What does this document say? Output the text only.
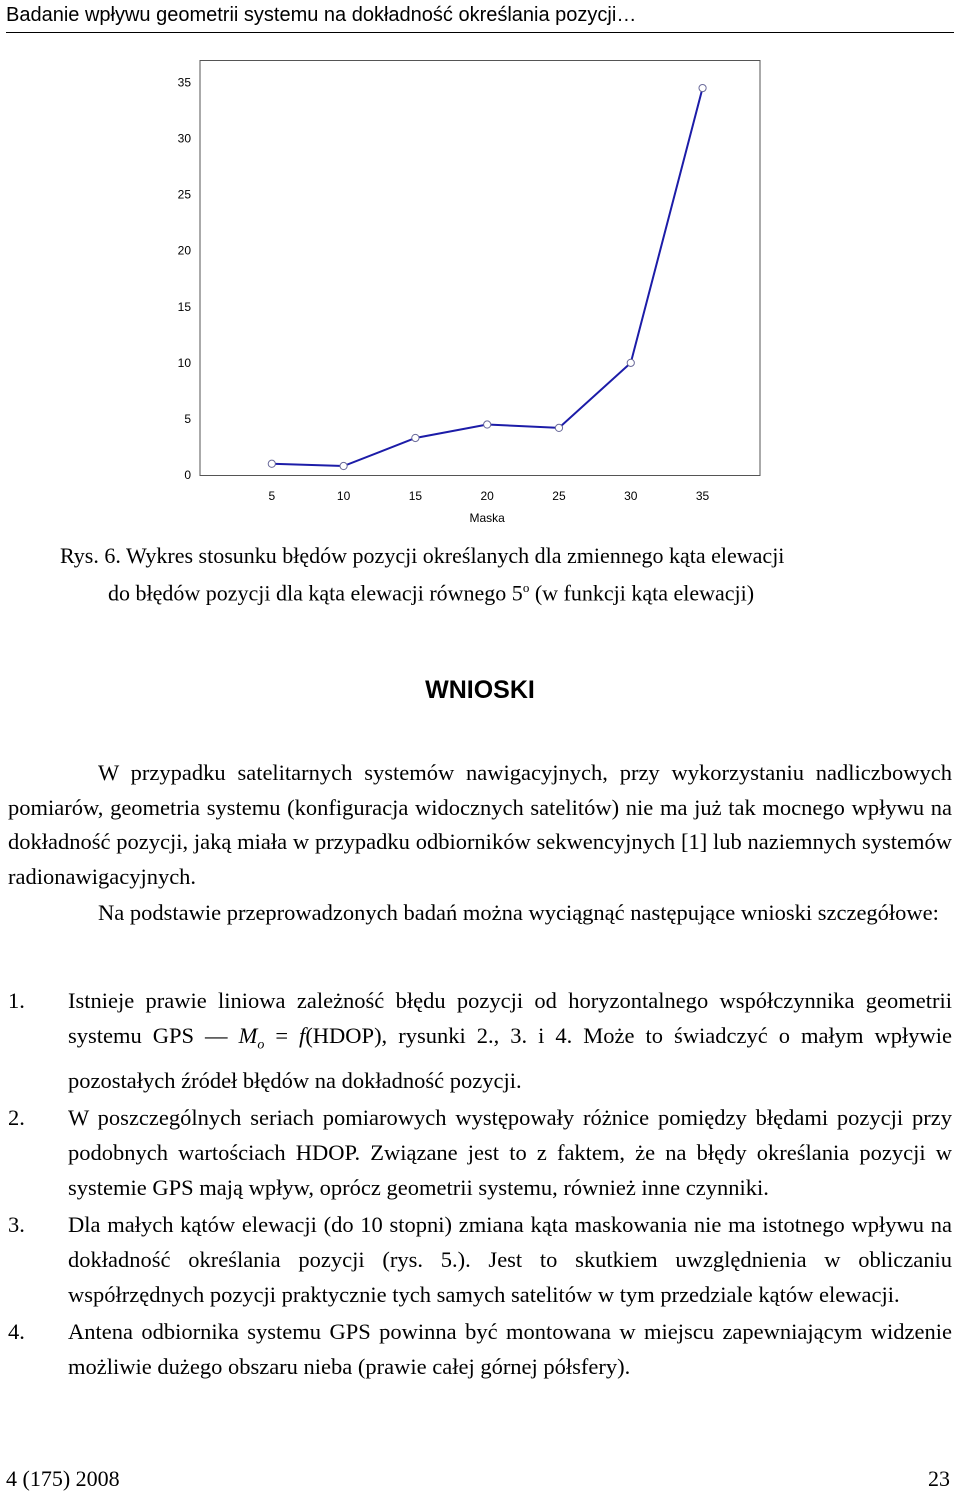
Badanie wpływu geometrii systemu na dokładność określania pozycji…
0
5
10
15
20
25
30
35
5	10	15	20	25	30	35
Maska
Rys. 6. Wykres stosunku błędów pozycji określanych dla zmiennego kąta elewacji
do błędów pozycji dla kąta elewacji równego 5$^o$ (w funkcji kąta elewacji)
WNIOSKI

W przypadku satelitarnych systemów nawigacyjnych, przy wykorzystaniu nadliczbowych pomiarów, geometria systemu (konfiguracja widocznych satelitów) nie ma już tak mocnego wpływu na dokładność pozycji, jaką miała w przypadku odbiorników sekwencyjnych [1] lub naziemnych systemów radionawigacyjnych.

Na podstawie przeprowadzonych badań można wyciągnąć następujące wnioski szczegółowe:

1. Istnieje prawie liniowa zależność błędu pozycji od horyzontalnego współczynnika geometrii systemu GPS — $M_o$ = f(HDOP), rysunki 2., 3. i 4. Może to świadczyć o małym wpływie pozostałych źródeł błędów na dokładność pozycji.
2. W poszczególnych seriach pomiarowych występowały różnice pomiędzy błędami pozycji przy podobnych wartościach HDOP. Związane jest to z faktem, że na błędy określania pozycji w systemie GPS mają wpływ, oprócz geometrii systemu, również inne czynniki.
3. Dla małych kątów elewacji (do 10 stopni) zmiana kąta maskowania nie ma istotnego wpływu na dokładność określania pozycji (rys. 5.). Jest to skutkiem uwzględnienia w obliczaniu współrzędnych pozycji praktycznie tych samych satelitów w tym przedziale kątów elewacji.
4. Antena odbiornika systemu GPS powinna być montowana w miejscu zapewniającym widzenie możliwie dużego obszaru nieba (prawie całej górnej półsfery).
4 (175) 2008	23
